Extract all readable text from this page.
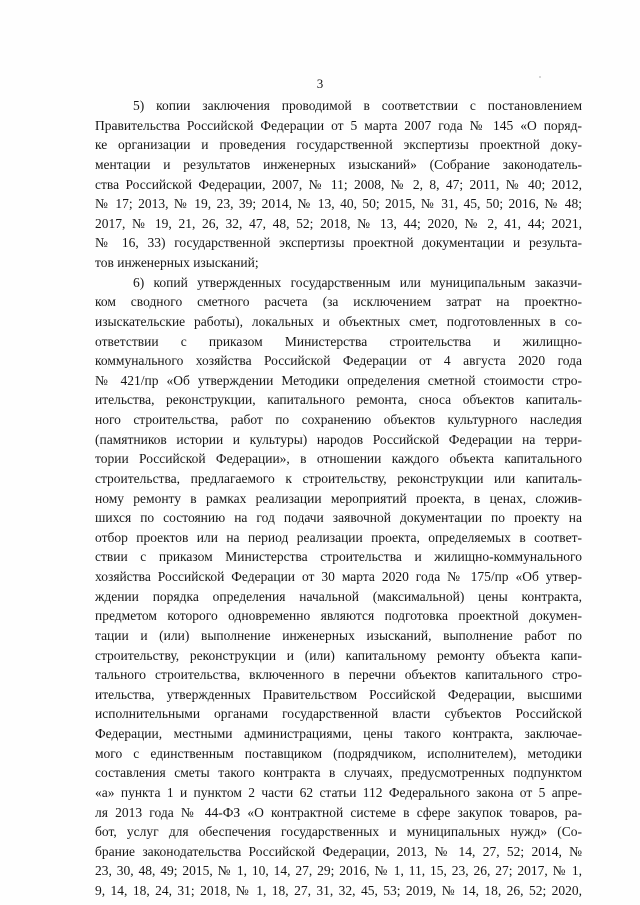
3
5) копии заключения проводимой в соответствии с постановлением
Правительства Российской Федерации от 5 марта 2007 года № 145 «О поряд-
ке организации и проведения государственной экспертизы проектной доку-
ментации и результатов инженерных изысканий» (Собрание законодатель-
ства Российской Федерации, 2007, № 11; 2008, № 2, 8, 47; 2011, № 40; 2012,
№ 17; 2013, № 19, 23, 39; 2014, № 13, 40, 50; 2015, № 31, 45, 50; 2016, № 48;
2017, № 19, 21, 26, 32, 47, 48, 52; 2018, № 13, 44; 2020, № 2, 41, 44; 2021,
№ 16, 33) государственной экспертизы проектной документации и результа-
тов инженерных изысканий;
6) копий утвержденных государственным или муниципальным заказчи-
ком сводного сметного расчета (за исключением затрат на проектно-
изыскательские работы), локальных и объектных смет, подготовленных в со-
ответствии с приказом Министерства строительства и жилищно-
коммунального хозяйства Российской Федерации от 4 августа 2020 года
№ 421/пр «Об утверждении Методики определения сметной стоимости стро-
ительства, реконструкции, капитального ремонта, сноса объектов капиталь-
ного строительства, работ по сохранению объектов культурного наследия
(памятников истории и культуры) народов Российской Федерации на терри-
тории Российской Федерации», в отношении каждого объекта капитального
строительства, предлагаемого к строительству, реконструкции или капиталь-
ному ремонту в рамках реализации мероприятий проекта, в ценах, сложив-
шихся по состоянию на год подачи заявочной документации по проекту на
отбор проектов или на период реализации проекта, определяемых в соответ-
ствии с приказом Министерства строительства и жилищно-коммунального
хозяйства Российской Федерации от 30 марта 2020 года № 175/пр «Об утвер-
ждении порядка определения начальной (максимальной) цены контракта,
предметом которого одновременно являются подготовка проектной докумен-
тации и (или) выполнение инженерных изысканий, выполнение работ по
строительству, реконструкции и (или) капитальному ремонту объекта капи-
тального строительства, включенного в перечни объектов капитального стро-
ительства, утвержденных Правительством Российской Федерации, высшими
исполнительными органами государственной власти субъектов Российской
Федерации, местными администрациями, цены такого контракта, заключае-
мого с единственным поставщиком (подрядчиком, исполнителем), методики
составления сметы такого контракта в случаях, предусмотренных подпунктом
«а» пункта 1 и пунктом 2 части 62 статьи 112 Федерального закона от 5 апре-
ля 2013 года № 44-ФЗ «О контрактной системе в сфере закупок товаров, ра-
бот, услуг для обеспечения государственных и муниципальных нужд» (Со-
брание законодательства Российской Федерации, 2013, № 14, 27, 52; 2014, №
23, 30, 48, 49; 2015, № 1, 10, 14, 27, 29; 2016, № 1, 11, 15, 23, 26, 27; 2017, № 1,
9, 14, 18, 24, 31; 2018, № 1, 18, 27, 31, 32, 45, 53; 2019, № 14, 18, 26, 52; 2020,
